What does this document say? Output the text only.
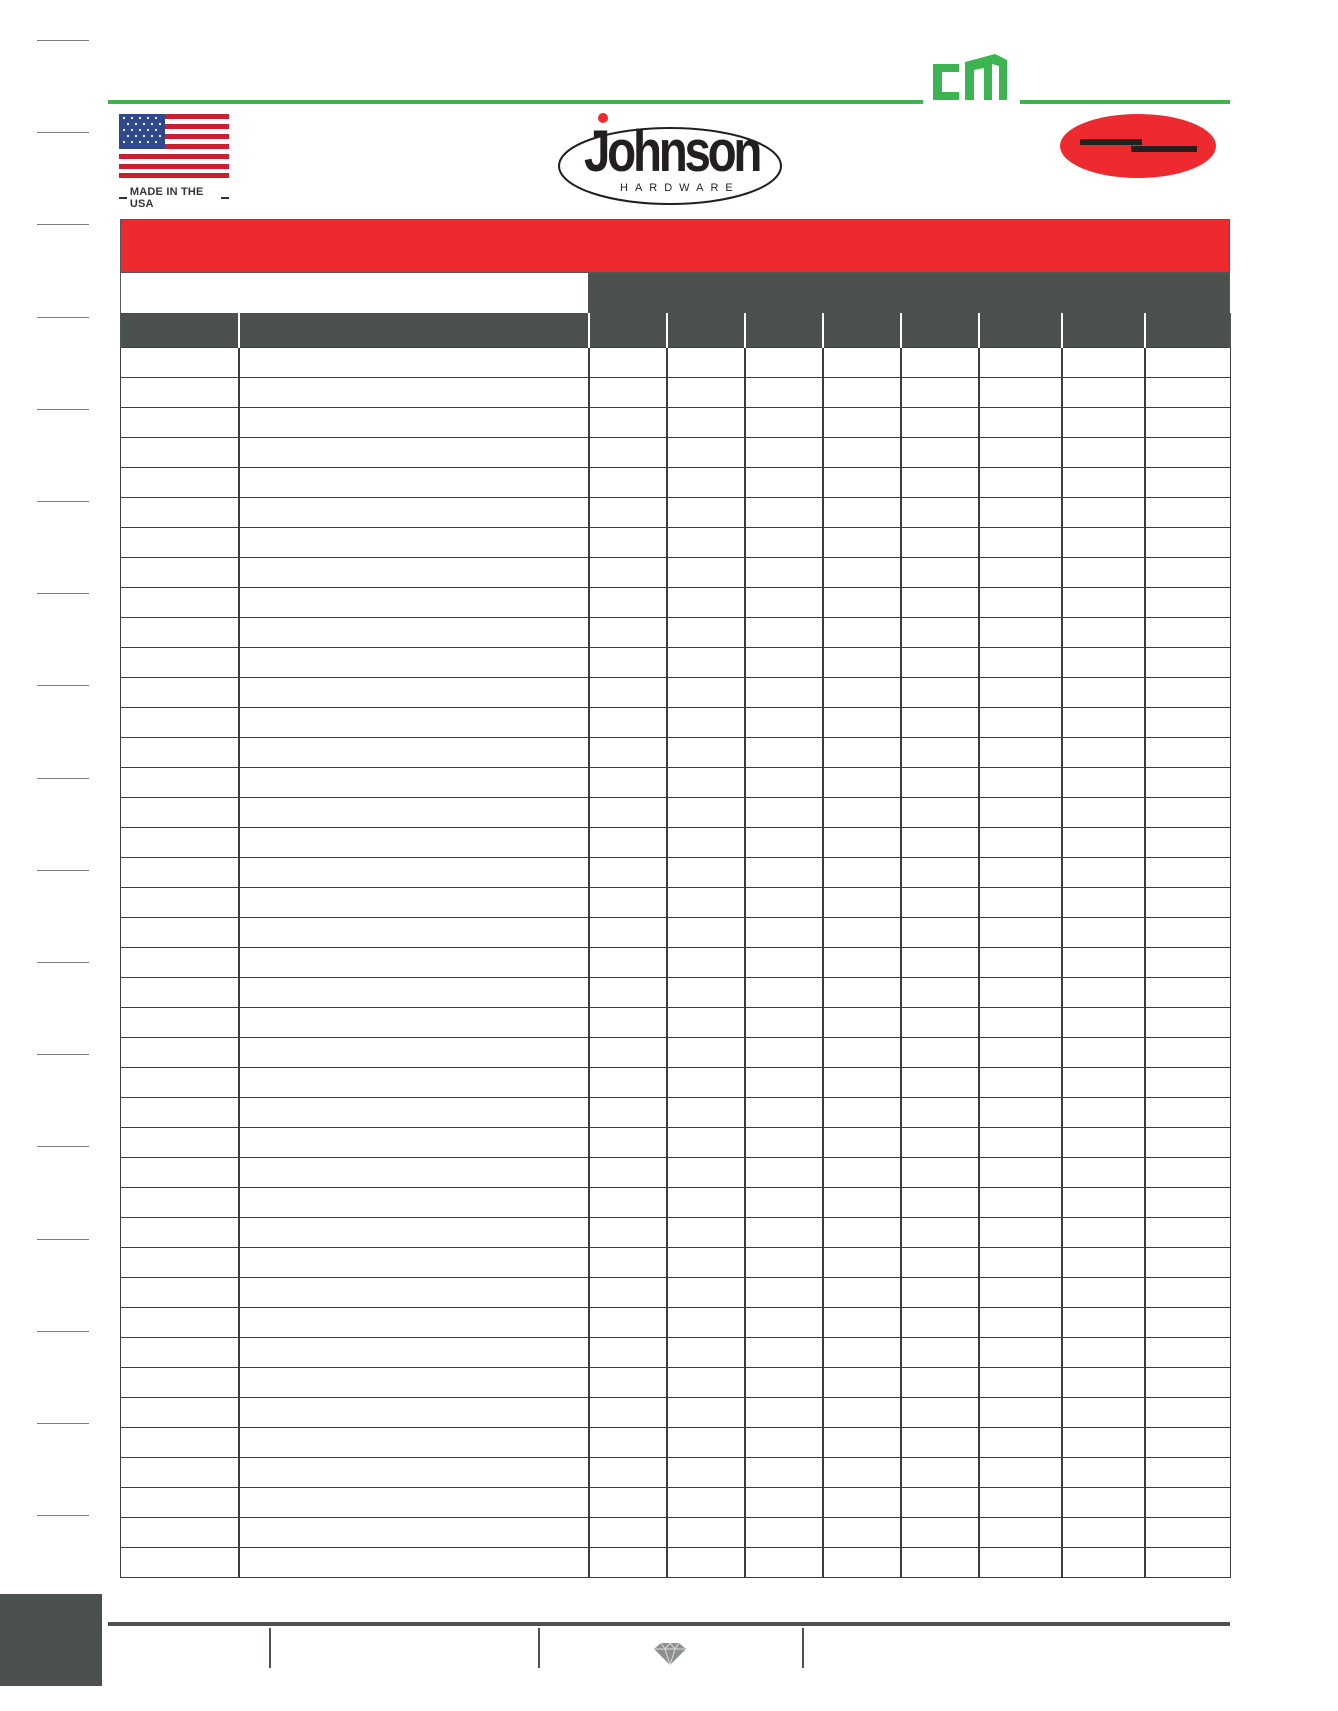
MADE IN THE USA
Johnson
HARDWARE
